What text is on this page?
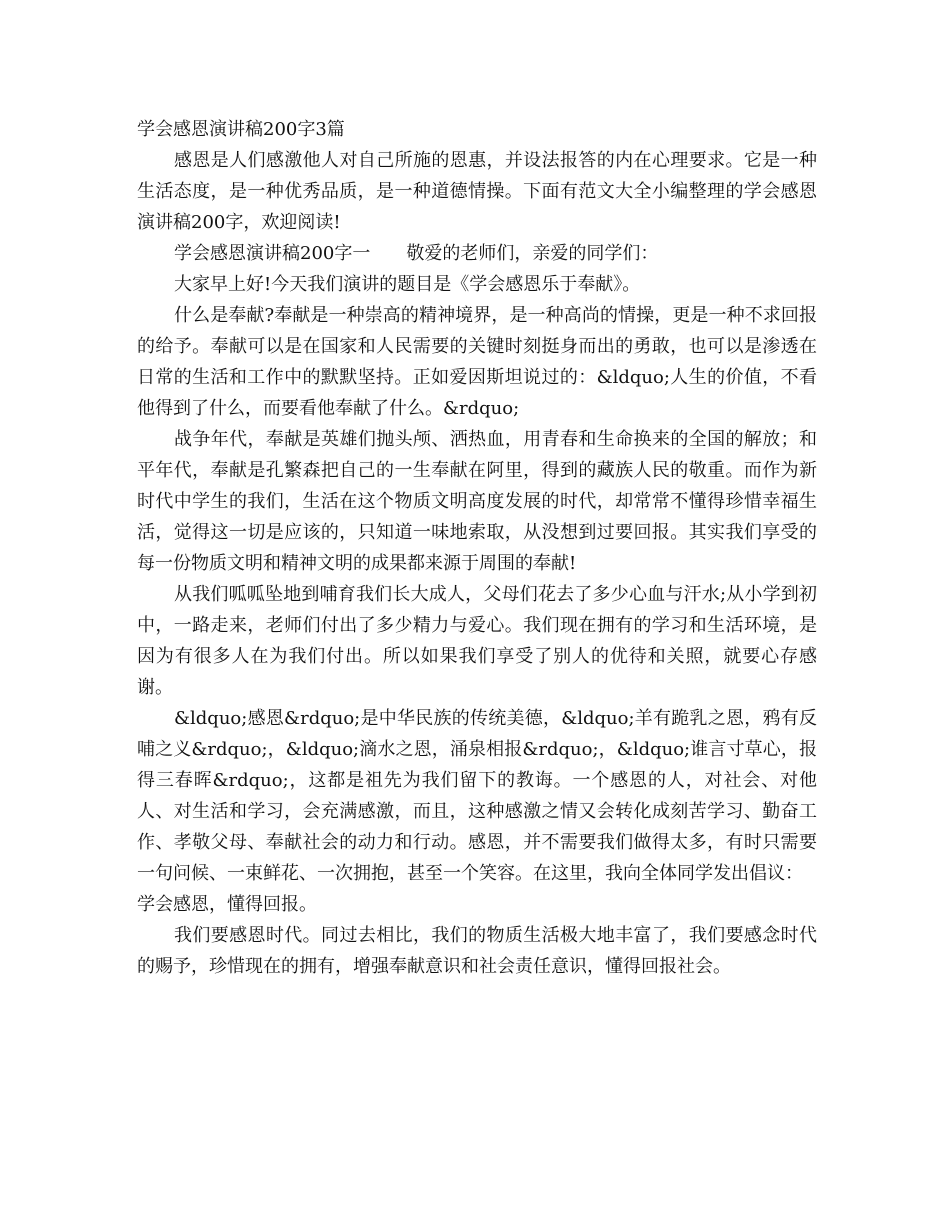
学会感恩演讲稿200字3篇

感恩是人们感激他人对自己所施的恩惠，并设法报答的内在心理要求。它是一种生活态度，是一种优秀品质，是一种道德情操。下面有范文大全小编整理的学会感恩演讲稿200字，欢迎阅读!

学会感恩演讲稿200字一 敬爱的老师们，亲爱的同学们：

大家早上好!今天我们演讲的题目是《学会感恩乐于奉献》。

什么是奉献?奉献是一种崇高的精神境界，是一种高尚的情操，更是一种不求回报的给予。奉献可以是在国家和人民需要的关键时刻挺身而出的勇敢，也可以是渗透在日常的生活和工作中的默默坚持。正如爱因斯坦说过的：&ldquo;人生的价值，不看他得到了什么，而要看他奉献了什么。&rdquo;

战争年代，奉献是英雄们抛头颅、洒热血，用青春和生命换来的全国的解放；和平年代，奉献是孔繁森把自己的一生奉献在阿里，得到的藏族人民的敬重。而作为新时代中学生的我们，生活在这个物质文明高度发展的时代，却常常不懂得珍惜幸福生活，觉得这一切是应该的，只知道一味地索取，从没想到过要回报。其实我们享受的每一份物质文明和精神文明的成果都来源于周围的奉献!

从我们呱呱坠地到哺育我们长大成人，父母们花去了多少心血与汗水;从小学到初中，一路走来，老师们付出了多少精力与爱心。我们现在拥有的学习和生活环境，是因为有很多人在为我们付出。所以如果我们享受了别人的优待和关照，就要心存感谢。

&ldquo;感恩&rdquo;是中华民族的传统美德，&ldquo;羊有跪乳之恩，鸦有反哺之义&rdquo;，&ldquo;滴水之恩，涌泉相报&rdquo;，&ldquo;谁言寸草心，报得三春晖&rdquo;，这都是祖先为我们留下的教诲。一个感恩的人，对社会、对他人、对生活和学习，会充满感激，而且，这种感激之情又会转化成刻苦学习、勤奋工作、孝敬父母、奉献社会的动力和行动。感恩，并不需要我们做得太多，有时只需要一句问候、一束鲜花、一次拥抱，甚至一个笑容。在这里，我向全体同学发出倡议：

学会感恩，懂得回报。

我们要感恩时代。同过去相比，我们的物质生活极大地丰富了，我们要感念时代的赐予，珍惜现在的拥有，增强奉献意识和社会责任意识，懂得回报社会。
